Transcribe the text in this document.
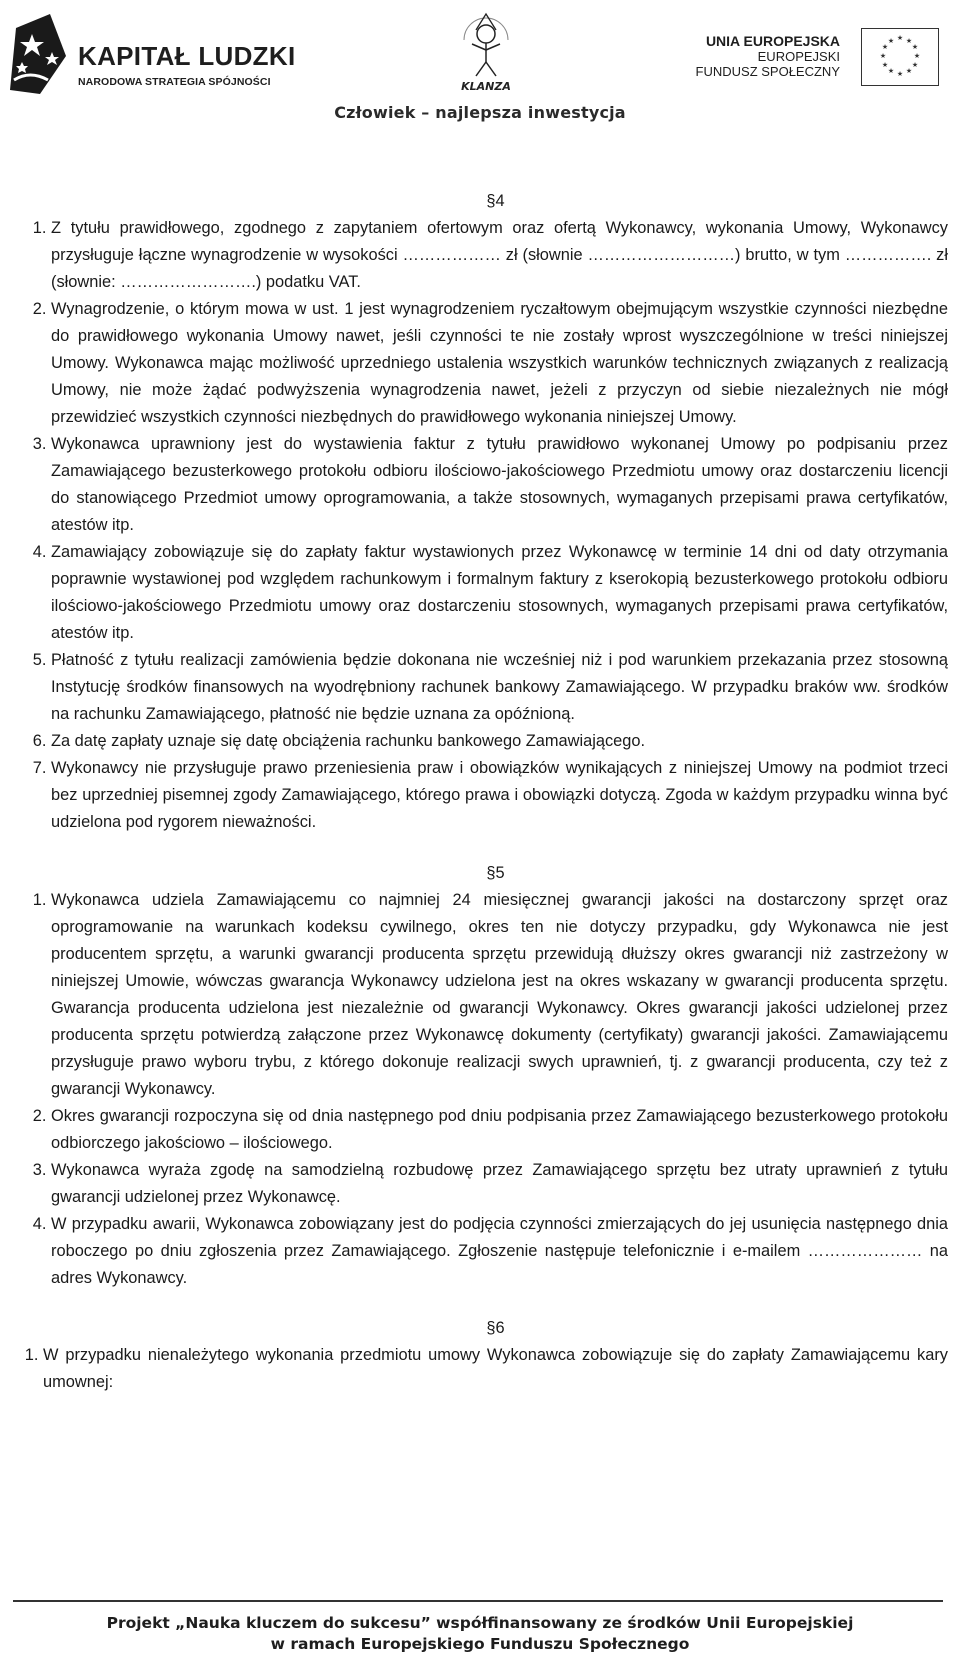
KAPITAŁ LUDZKI
NARODOWA STRATEGIA SPÓJNOŚCI	KLANZA
UNIA EUROPEJSKA
EUROPEJSKI
FUNDUSZ SPOŁECZNY
★ ★
★
★
★
★
★
★
★
★
★
★
Człowiek – najlepsza inwestycja
§4
1. Z tytułu prawidłowego, zgodnego z zapytaniem ofertowym oraz ofertą Wykonawcy, wykonania Umowy, Wykonawcy przysługuje łączne wynagrodzenie w wysokości ……………… zł (słownie ………………………) brutto, w tym ……………. zł (słownie: …………………….) podatku VAT.
2. Wynagrodzenie, o którym mowa w ust. 1 jest wynagrodzeniem ryczałtowym obejmującym wszystkie czynności niezbędne do prawidłowego wykonania Umowy nawet, jeśli czynności te nie zostały wprost wyszczególnione w treści niniejszej Umowy. Wykonawca mając możliwość uprzedniego ustalenia wszystkich warunków technicznych związanych z realizacją Umowy, nie może żądać podwyższenia wynagrodzenia nawet, jeżeli z przyczyn od siebie niezależnych nie mógł przewidzieć wszystkich czynności niezbędnych do prawidłowego wykonania niniejszej Umowy.
3. Wykonawca uprawniony jest do wystawienia faktur z tytułu prawidłowo wykonanej Umowy po podpisaniu przez Zamawiającego bezusterkowego protokołu odbioru ilościowo-jakościowego Przedmiotu umowy oraz dostarczeniu licencji do stanowiącego Przedmiot umowy oprogramowania, a także stosownych, wymaganych przepisami prawa certyfikatów, atestów itp.
4. Zamawiający zobowiązuje się do zapłaty faktur wystawionych przez Wykonawcę w terminie 14 dni od daty otrzymania poprawnie wystawionej pod względem rachunkowym i formalnym faktury z kserokopią bezusterkowego protokołu odbioru ilościowo-jakościowego Przedmiotu umowy oraz dostarczeniu stosownych, wymaganych przepisami prawa certyfikatów, atestów itp.
5. Płatność z tytułu realizacji zamówienia będzie dokonana nie wcześniej niż i pod warunkiem przekazania przez stosowną Instytucję środków finansowych na wyodrębniony rachunek bankowy Zamawiającego. W przypadku braków ww. środków na rachunku Zamawiającego, płatność nie będzie uznana za opóźnioną.
6. Za datę zapłaty uznaje się datę obciążenia rachunku bankowego Zamawiającego.
7. Wykonawcy nie przysługuje prawo przeniesienia praw i obowiązków wynikających z niniejszej Umowy na podmiot trzeci bez uprzedniej pisemnej zgody Zamawiającego, którego prawa i obowiązki dotyczą. Zgoda w każdym przypadku winna być udzielona pod rygorem nieważności.
§5
1. Wykonawca udziela Zamawiającemu co najmniej 24 miesięcznej gwarancji jakości na dostarczony sprzęt oraz oprogramowanie na warunkach kodeksu cywilnego, okres ten nie dotyczy przypadku, gdy Wykonawca nie jest producentem sprzętu, a warunki gwarancji producenta sprzętu przewidują dłuższy okres gwarancji niż zastrzeżony w niniejszej Umowie, wówczas gwarancja Wykonawcy udzielona jest na okres wskazany w gwarancji producenta sprzętu. Gwarancja producenta udzielona jest niezależnie od gwarancji Wykonawcy. Okres gwarancji jakości udzielonej przez producenta sprzętu potwierdzą załączone przez Wykonawcę dokumenty (certyfikaty) gwarancji jakości. Zamawiającemu przysługuje prawo wyboru trybu, z którego dokonuje realizacji swych uprawnień, tj. z gwarancji producenta, czy też z gwarancji Wykonawcy.
2. Okres gwarancji rozpoczyna się od dnia następnego pod dniu podpisania przez Zamawiającego bezusterkowego protokołu odbiorczego jakościowo – ilościowego.
3. Wykonawca wyraża zgodę na samodzielną rozbudowę przez Zamawiającego sprzętu bez utraty uprawnień z tytułu gwarancji udzielonej przez Wykonawcę.
4. W przypadku awarii, Wykonawca zobowiązany jest do podjęcia czynności zmierzających do jej usunięcia następnego dnia roboczego po dniu zgłoszenia przez Zamawiającego. Zgłoszenie następuje telefonicznie i e-mailem ………………… na adres Wykonawcy.
§6
1. W przypadku nienależytego wykonania przedmiotu umowy Wykonawca zobowiązuje się do zapłaty Zamawiającemu kary umownej:
Projekt „Nauka kluczem do sukcesu” współfinansowany ze środków Unii Europejskiej
w ramach Europejskiego Funduszu Społecznego
